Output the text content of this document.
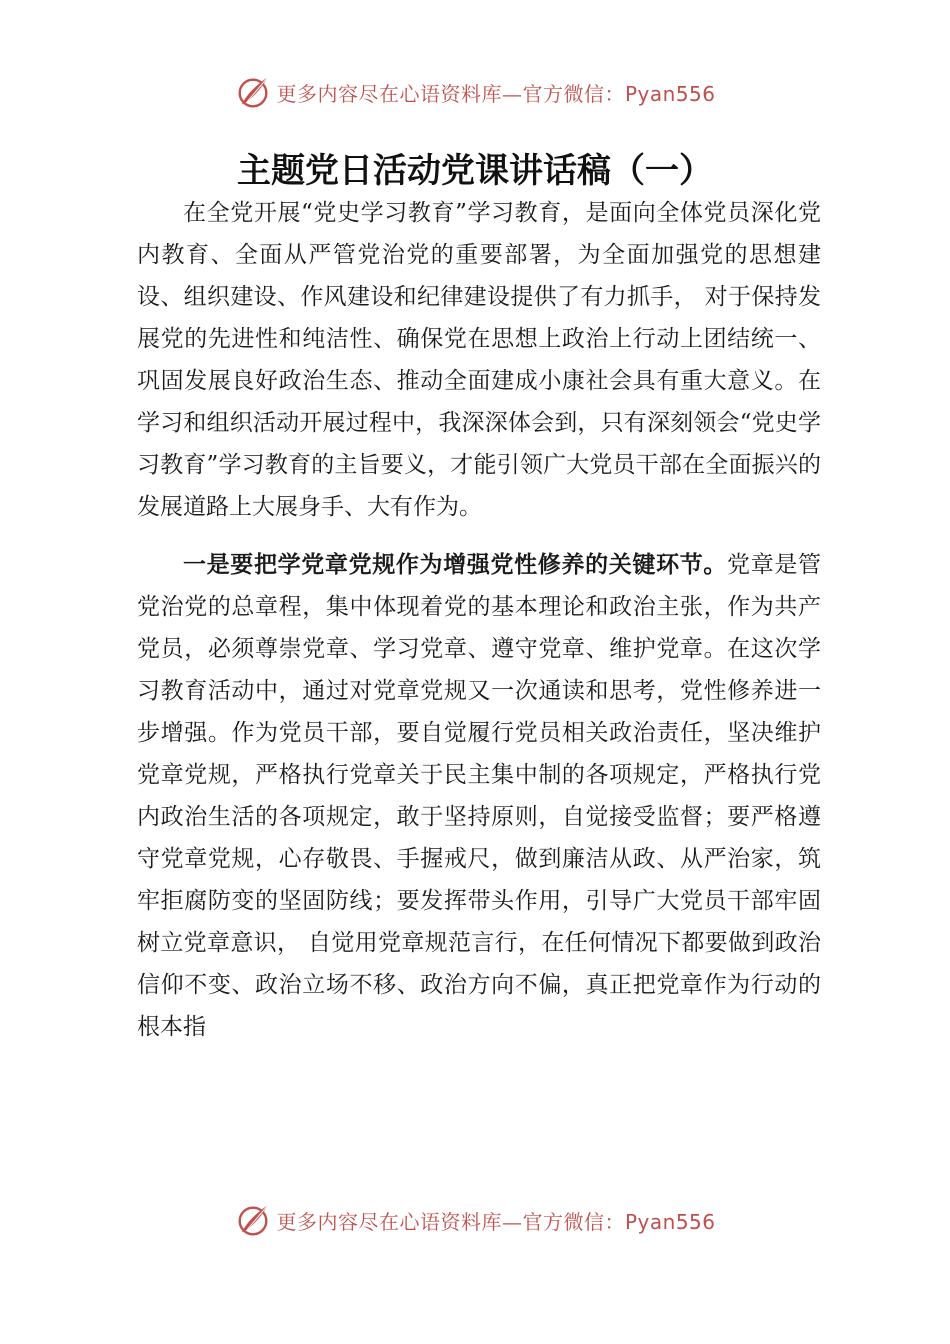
更多内容尽在心语资料库—官方微信：Pyan556
主题党日活动党课讲话稿（一）

在全党开展“党史学习教育”学习教育，是面向全体党员深化党内教育、全面从严管党治党的重要部署，为全面加强党的思想建设、组织建设、作风建设和纪律建设提供了有力抓手， 对于保持发展党的先进性和纯洁性、确保党在思想上政治上行动上团结统一、巩固发展良好政治生态、推动全面建成小康社会具有重大意义。在学习和组织活动开展过程中，我深深体会到，只有深刻领会“党史学习教育”学习教育的主旨要义，才能引领广大党员干部在全面振兴的发展道路上大展身手、大有作为。

一是要把学党章党规作为增强党性修养的关键环节。党章是管党治党的总章程，集中体现着党的基本理论和政治主张，作为共产党员，必须尊崇党章、学习党章、遵守党章、维护党章。在这次学习教育活动中，通过对党章党规又一次通读和思考，党性修养进一步增强。作为党员干部，要自觉履行党员相关政治责任，坚决维护党章党规，严格执行党章关于民主集中制的各项规定，严格执行党内政治生活的各项规定，敢于坚持原则，自觉接受监督；要严格遵守党章党规，心存敬畏、手握戒尺，做到廉洁从政、从严治家，筑牢拒腐防变的坚固防线；要发挥带头作用，引导广大党员干部牢固树立党章意识， 自觉用党章规范言行，在任何情况下都要做到政治信仰不变、政治立场不移、政治方向不偏，真正把党章作为行动的根本指

更多内容尽在心语资料库—官方微信：Pyan556
